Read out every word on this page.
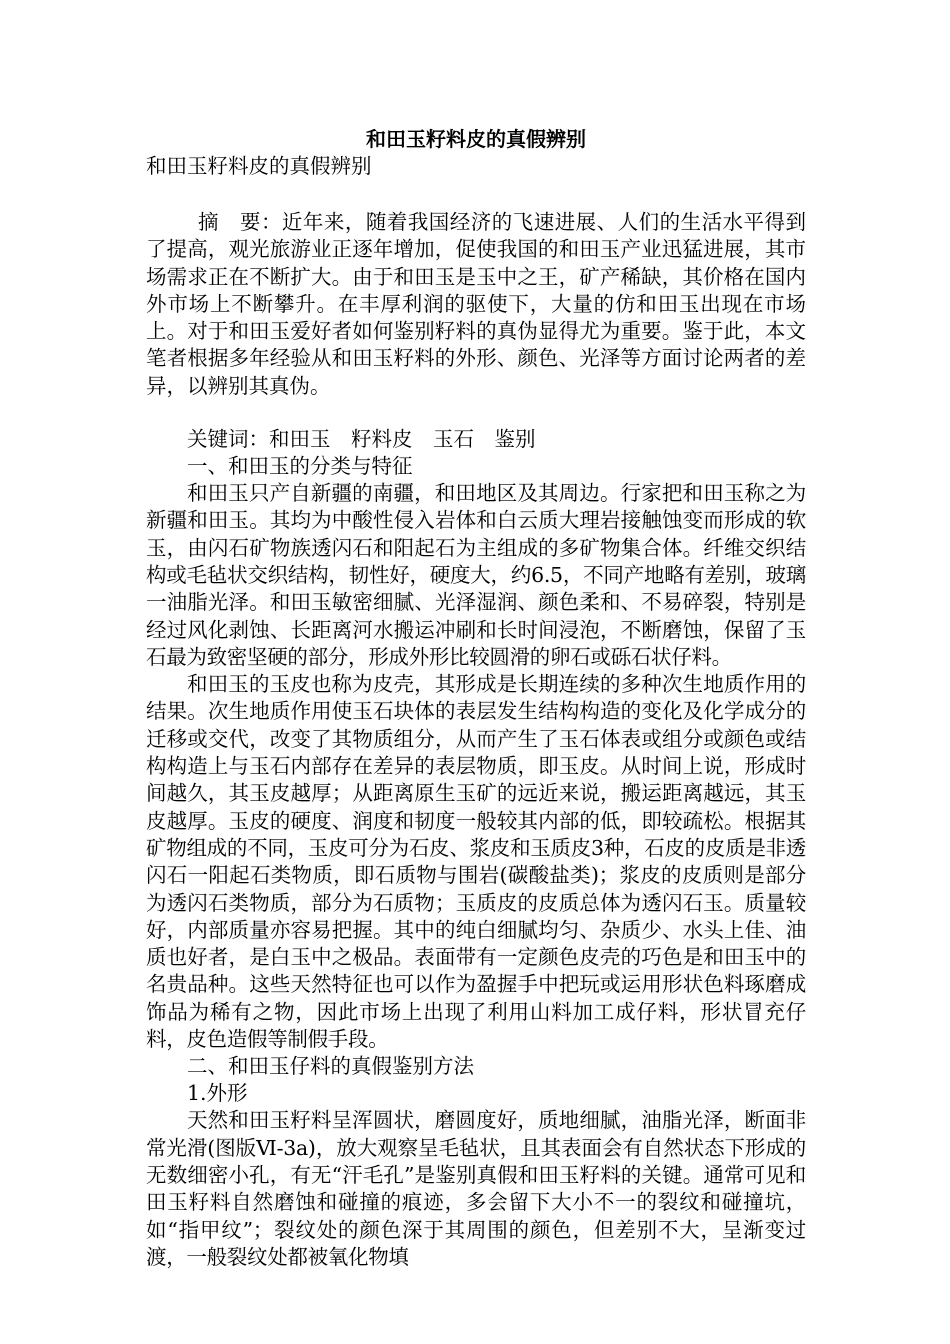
和田玉籽料皮的真假辨别
和田玉籽料皮的真假辨别

摘　要：近年来，随着我国经济的飞速进展、人们的生活水平得到了提高，观光旅游业正逐年增加，促使我国的和田玉产业迅猛进展，其市场需求正在不断扩大。由于和田玉是玉中之王，矿产稀缺，其价格在国内外市场上不断攀升。在丰厚利润的驱使下，大量的仿和田玉出现在市场上。对于和田玉爱好者如何鉴别籽料的真伪显得尤为重要。鉴于此，本文笔者根据多年经验从和田玉籽料的外形、颜色、光泽等方面讨论两者的差异，以辨别其真伪。

关键词：和田玉　籽料皮　玉石　鉴别

一、和田玉的分类与特征

和田玉只产自新疆的南疆，和田地区及其周边。行家把和田玉称之为新疆和田玉。其均为中酸性侵入岩体和白云质大理岩接触蚀变而形成的软玉，由闪石矿物族透闪石和阳起石为主组成的多矿物集合体。纤维交织结构或毛毡状交织结构，韧性好，硬度大，约6.5，不同产地略有差别，玻璃一油脂光泽。和田玉敏密细腻、光泽湿润、颜色柔和、不易碎裂，特别是经过风化剥蚀、长距离河水搬运冲刷和长时间浸泡，不断磨蚀，保留了玉石最为致密坚硬的部分，形成外形比较圆滑的卵石或砾石状仔料。

和田玉的玉皮也称为皮壳，其形成是长期连续的多种次生地质作用的结果。次生地质作用使玉石块体的表层发生结构构造的变化及化学成分的迁移或交代，改变了其物质组分，从而产生了玉石体表或组分或颜色或结构构造上与玉石内部存在差异的表层物质，即玉皮。从时间上说，形成时间越久，其玉皮越厚；从距离原生玉矿的远近来说，搬运距离越远，其玉皮越厚。玉皮的硬度、润度和韧度一般较其内部的低，即较疏松。根据其矿物组成的不同，玉皮可分为石皮、浆皮和玉质皮3种，石皮的皮质是非透闪石一阳起石类物质，即石质物与围岩(碳酸盐类)；浆皮的皮质则是部分为透闪石类物质，部分为石质物；玉质皮的皮质总体为透闪石玉。质量较好，内部质量亦容易把握。其中的纯白细腻均匀、杂质少、水头上佳、油质也好者，是白玉中之极品。表面带有一定颜色皮壳的巧色是和田玉中的名贵品种。这些天然特征也可以作为盈握手中把玩或运用形状色料琢磨成饰品为稀有之物，因此市场上出现了利用山料加工成仔料，形状冒充仔料，皮色造假等制假手段。

二、和田玉仔料的真假鉴别方法

1.外形

天然和田玉籽料呈浑圆状，磨圆度好，质地细腻，油脂光泽，断面非常光滑(图版Ⅵ-3a)，放大观察呈毛毡状，且其表面会有自然状态下形成的无数细密小孔，有无“汗毛孔”是鉴别真假和田玉籽料的关键。通常可见和田玉籽料自然磨蚀和碰撞的痕迹，多会留下大小不一的裂纹和碰撞坑，如“指甲纹”；裂纹处的颜色深于其周围的颜色，但差别不大，呈渐变过渡，一般裂纹处都被氧化物填
